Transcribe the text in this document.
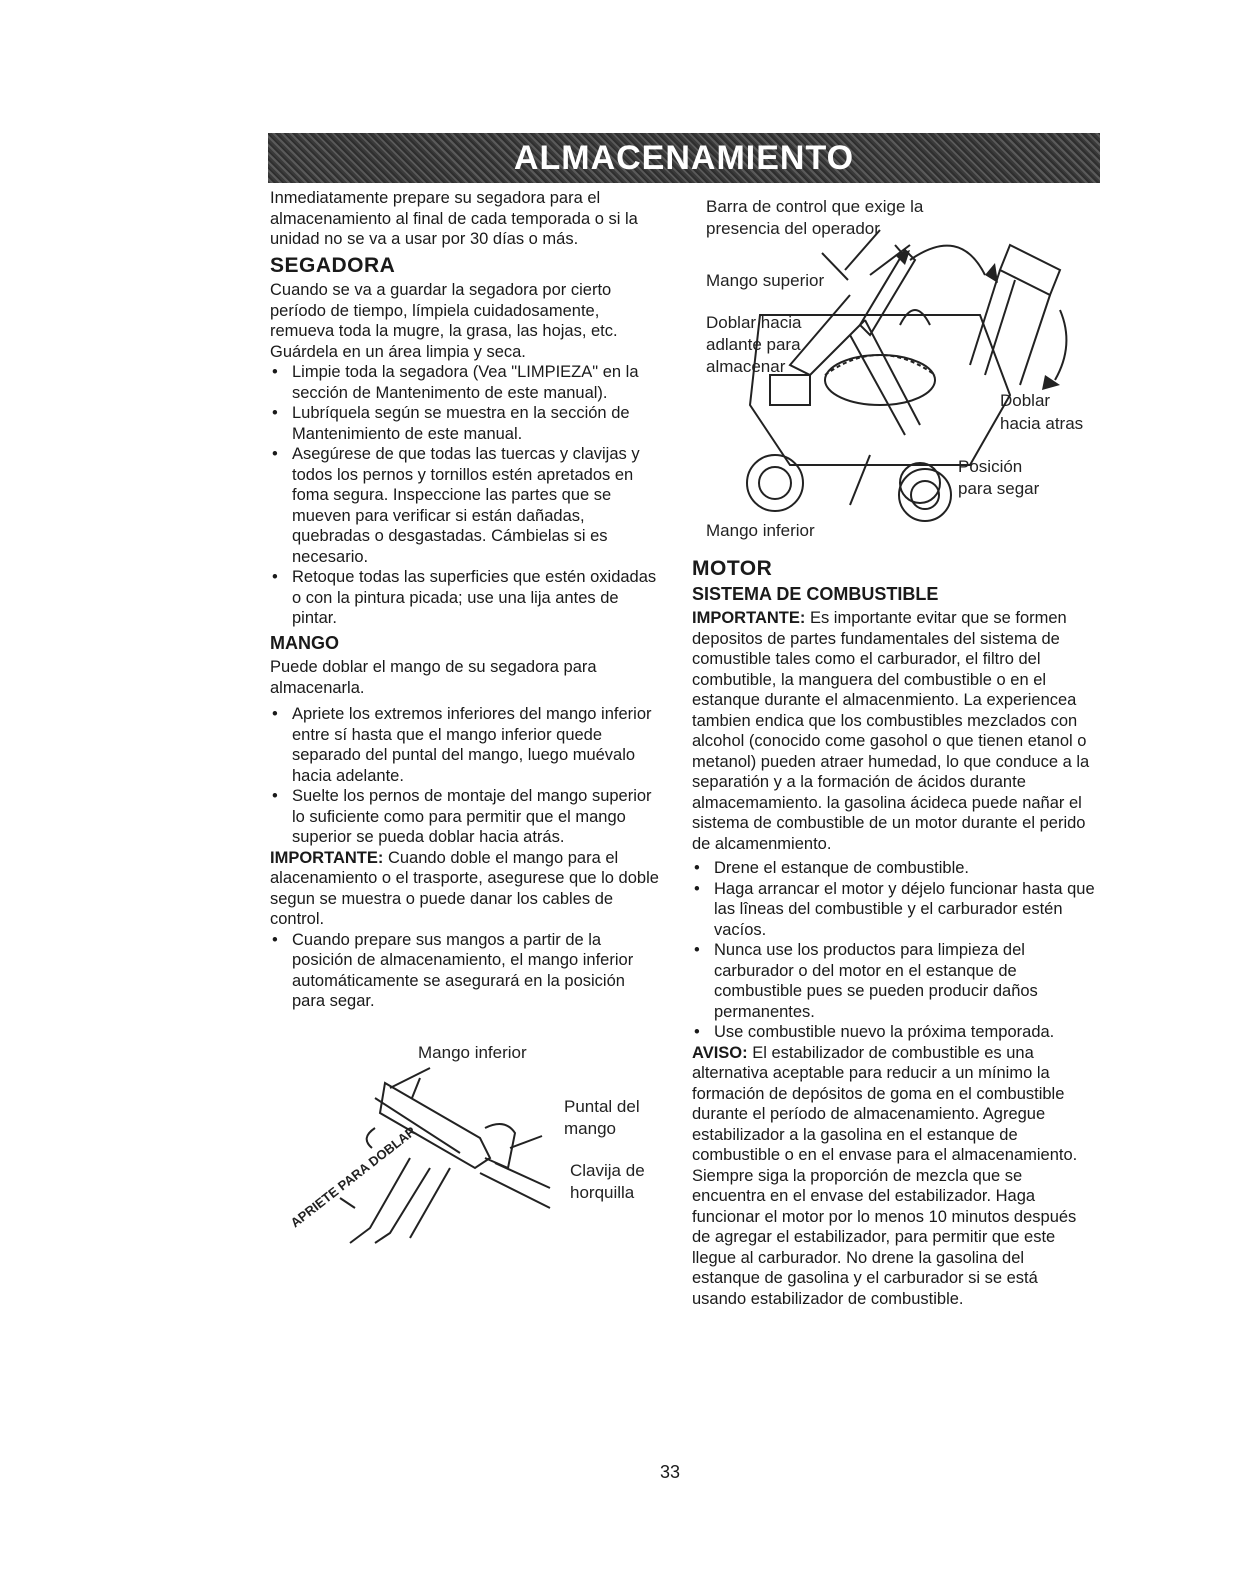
ALMACENAMIENTO

Inmediatamente prepare su segadora para el almacenamiento al final de cada temporada o si la unidad no se va a usar por 30 días o más.

SEGADORA

Cuando se va a guardar la segadora por cierto período de tiempo, límpiela cuidadosamente, remueva toda la mugre, la grasa, las hojas, etc. Guárdela en un área limpia y seca.

• Limpie toda la segadora (Vea "LIMPIEZA" en la sección de Mantenimento de este manual).
• Lubríquela según se muestra en la sección de Mantenimiento de este manual.
• Asegúrese de que todas las tuercas y clavijas y todos los pernos y tornillos estén apretados en foma segura. Inspeccione las partes que se mueven para verificar si están dañadas, quebradas o desgastadas. Cámbielas si es necesario.
• Retoque todas las superficies que estén oxidadas o con la pintura picada; use una lija antes de pintar.
MANGO

Puede doblar el mango de su segadora para almacenarla.

• Apriete los extremos inferiores del mango inferior entre sí hasta que el mango inferior quede separado del puntal del mango, luego muévalo hacia adelante.
• Suelte los pernos de montaje del mango superior lo suficiente como para permitir que el mango superior se pueda doblar hacia atrás.

IMPORTANTE: Cuando doble el mango para el alacenamiento o el trasporte, asegurese que lo doble segun se muestra o puede danar los cables de control.

• Cuando prepare sus mangos a partir de la posición de almacenamiento, el mango inferior automáticamente se asegurará en la posición para segar.
Mango inferior
Puntal del
mango
Clavija de
horquilla
APRIETE PARA DOBLAR
Barra de control que exige la
presencia del operador
Mango superior
Doblar hacia
adlante para
almacenar
Doblar
hacia atras
Posición
para segar
Mango inferior
MOTOR
SISTEMA DE COMBUSTIBLE

IMPORTANTE: Es importante evitar que se formen depositos de partes fundamentales del sistema de comustible tales como el carburador, el filtro del combutible, la manguera del combustible o en el estanque durante el almacenmiento. La experiencea tambien endica que los combustibles mezclados con alcohol (conocido come gasohol o que tienen etanol o metanol) pueden atraer humedad, lo que conduce a la separatión y a la formación de ácidos durante almacemamiento. la gasolina ácideca puede nañar el sistema de combustible de un motor durante el perido de alcamenmiento.

• Drene el estanque de combustible.
• Haga arrancar el motor y déjelo funcionar hasta que las lîneas del combustible y el carburador estén vacíos.
• Nunca use los productos para limpieza del carburador o del motor en el estanque de combustible pues se pueden producir daños permanentes.
• Use combustible nuevo la próxima temporada.

AVISO: El estabilizador de combustible es una alternativa aceptable para reducir a un mínimo la formación de depósitos de goma en el combustible durante el período de almacenamiento. Agregue estabilizador a la gasolina en el estanque de combustible o en el envase para el almacenamiento. Siempre siga la proporción de mezcla que se encuentra en el envase del estabilizador. Haga funcionar el motor por lo menos 10 minutos después de agregar el estabilizador, para permitir que este llegue al carburador. No drene la gasolina del estanque de gasolina y el carburador si se está usando estabilizador de combustible.

33
